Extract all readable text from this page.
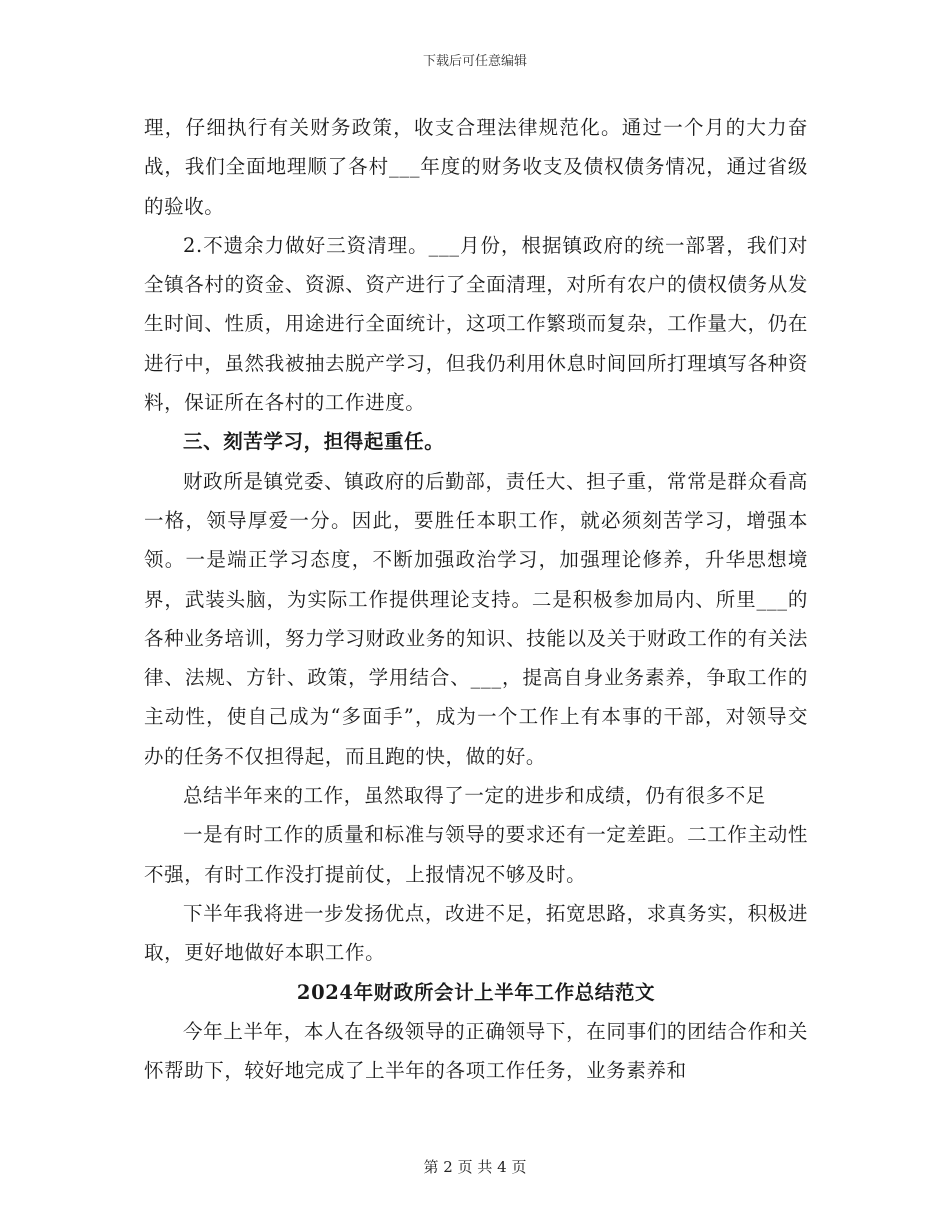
下载后可任意编辑

理，仔细执行有关财务政策，收支合理法律规范化。通过一个月的大力奋战，我们全面地理顺了各村___年度的财务收支及债权债务情况，通过省级的验收。

2.不遗余力做好三资清理。___月份，根据镇政府的统一部署，我们对全镇各村的资金、资源、资产进行了全面清理，对所有农户的债权债务从发生时间、性质，用途进行全面统计，这项工作繁琐而复杂，工作量大，仍在进行中，虽然我被抽去脱产学习，但我仍利用休息时间回所打理填写各种资料，保证所在各村的工作进度。

三、刻苦学习，担得起重任。

财政所是镇党委、镇政府的后勤部，责任大、担子重，常常是群众看高一格，领导厚爱一分。因此，要胜任本职工作，就必须刻苦学习，增强本领。一是端正学习态度，不断加强政治学习，加强理论修养，升华思想境界，武装头脑，为实际工作提供理论支持。二是积极参加局内、所里___的各种业务培训，努力学习财政业务的知识、技能以及关于财政工作的有关法律、法规、方针、政策，学用结合、___，提高自身业务素养，争取工作的主动性，使自己成为“多面手”，成为一个工作上有本事的干部，对领导交办的任务不仅担得起，而且跑的快，做的好。

总结半年来的工作，虽然取得了一定的进步和成绩，仍有很多不足

一是有时工作的质量和标准与领导的要求还有一定差距。二工作主动性不强，有时工作没打提前仗，上报情况不够及时。

下半年我将进一步发扬优点，改进不足，拓宽思路，求真务实，积极进取，更好地做好本职工作。

2024年财政所会计上半年工作总结范文

今年上半年，本人在各级领导的正确领导下，在同事们的团结合作和关怀帮助下，较好地完成了上半年的各项工作任务，业务素养和

第 2 页 共 4 页
